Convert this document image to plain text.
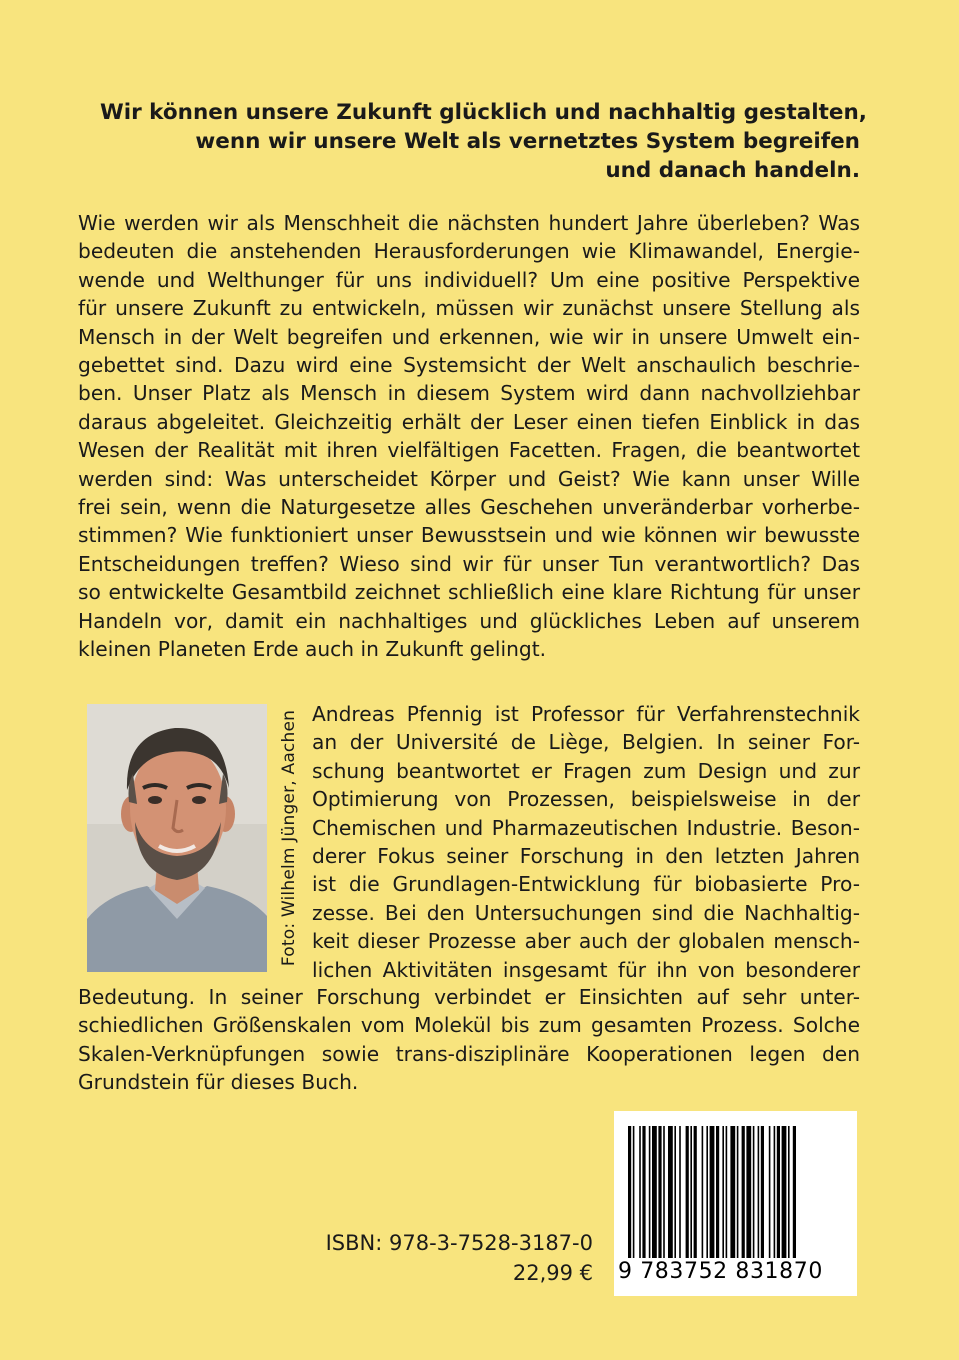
Wir können unsere Zukunft glücklich und nachhaltig gestalten,
wenn wir unsere Welt als vernetztes System begreifen
und danach handeln.
Wie werden wir als Menschheit die nächsten hundert Jahre überleben? Was
bedeuten die anstehenden Herausforderungen wie Klimawandel, Energie-
wende und Welthunger für uns individuell? Um eine positive Perspektive
für unsere Zukunft zu entwickeln, müssen wir zunächst unsere Stellung als
Mensch in der Welt begreifen und erkennen, wie wir in unsere Umwelt ein-
gebettet sind. Dazu wird eine Systemsicht der Welt anschaulich beschrie-
ben. Unser Platz als Mensch in diesem System wird dann nachvollziehbar
daraus abgeleitet. Gleichzeitig erhält der Leser einen tiefen Einblick in das
Wesen der Realität mit ihren vielfältigen Facetten. Fragen, die beantwortet
werden sind: Was unterscheidet Körper und Geist? Wie kann unser Wille
frei sein, wenn die Naturgesetze alles Geschehen unveränderbar vorherbe-
stimmen? Wie funktioniert unser Bewusstsein und wie können wir bewusste
Entscheidungen treffen? Wieso sind wir für unser Tun verantwortlich? Das
so entwickelte Gesamtbild zeichnet schließlich eine klare Richtung für unser
Handeln vor, damit ein nachhaltiges und glückliches Leben auf unserem
kleinen Planeten Erde auch in Zukunft gelingt.
Foto: Wilhelm Jünger, Aachen Andreas Pfennig ist Professor für Verfahrenstechnik
an der Université de Liège, Belgien. In seiner For-
schung beantwortet er Fragen zum Design und zur
Optimierung von Prozessen, beispielsweise in der
Chemischen und Pharmazeutischen Industrie. Beson-
derer Fokus seiner Forschung in den letzten Jahren
ist die Grundlagen-Entwicklung für biobasierte Pro-
zesse. Bei den Untersuchungen sind die Nachhaltig-
keit dieser Prozesse aber auch der globalen mensch-
lichen Aktivitäten insgesamt für ihn von besonderer
Bedeutung. In seiner Forschung verbindet er Einsichten auf sehr unter-
schiedlichen Größenskalen vom Molekül bis zum gesamten Prozess. Solche
Skalen-Verknüpfungen sowie trans-disziplinäre Kooperationen legen den
Grundstein für dieses Buch.
ISBN: 978-3-7528-3187-0
22,99 € 9 783752 831870
